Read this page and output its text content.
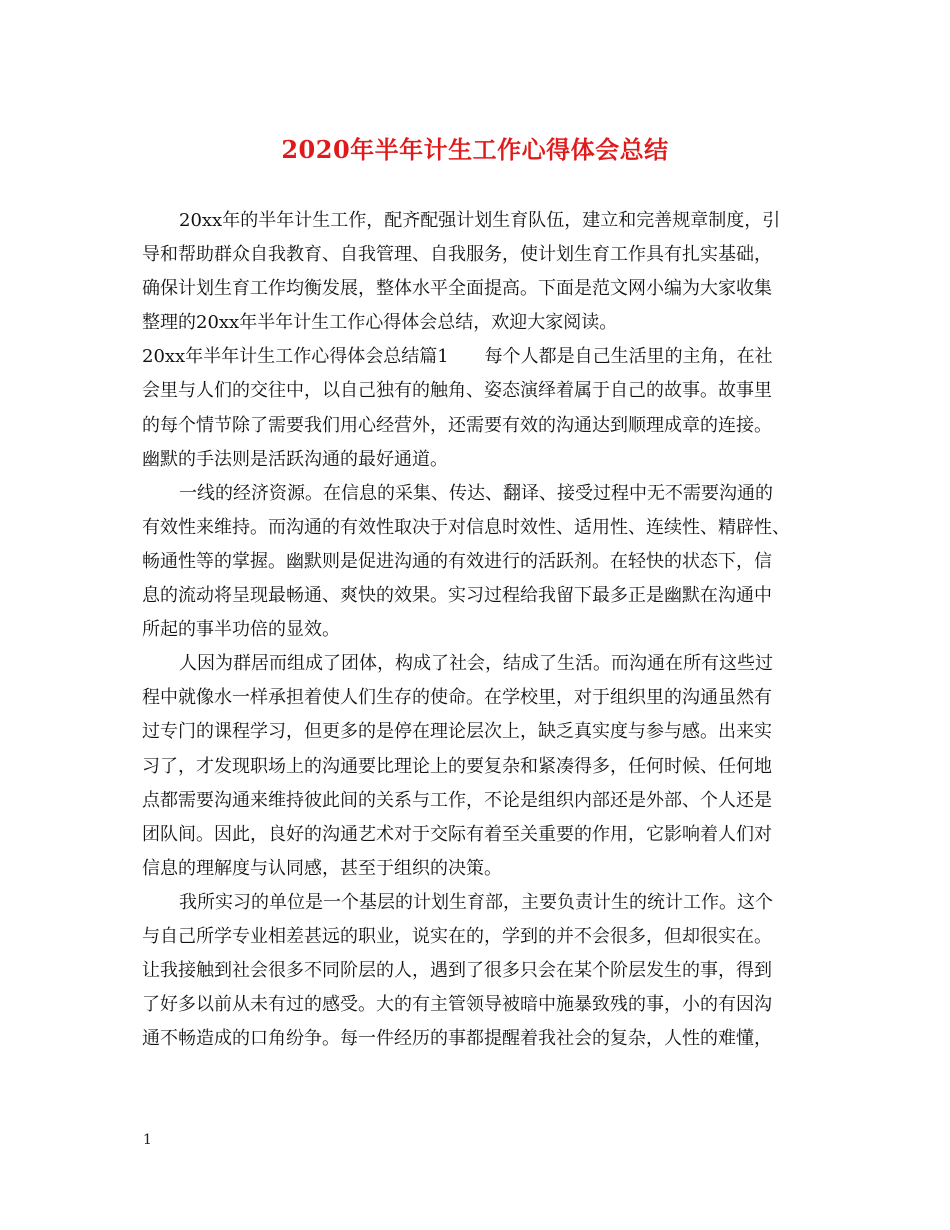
2020年半年计生工作心得体会总结
20xx年的半年计生工作，配齐配强计划生育队伍，建立和完善规章制度，引
导和帮助群众自我教育、自我管理、自我服务，使计划生育工作具有扎实基础，
确保计划生育工作均衡发展，整体水平全面提高。下面是范文网小编为大家收集
整理的20xx年半年计生工作心得体会总结，欢迎大家阅读。
20xx年半年计生工作心得体会总结篇1　　每个人都是自己生活里的主角，在社
会里与人们的交往中，以自己独有的触角、姿态演绎着属于自己的故事。故事里
的每个情节除了需要我们用心经营外，还需要有效的沟通达到顺理成章的连接。
幽默的手法则是活跃沟通的最好通道。
一线的经济资源。在信息的采集、传达、翻译、接受过程中无不需要沟通的
有效性来维持。而沟通的有效性取决于对信息时效性、适用性、连续性、精辟性、
畅通性等的掌握。幽默则是促进沟通的有效进行的活跃剂。在轻快的状态下，信
息的流动将呈现最畅通、爽快的效果。实习过程给我留下最多正是幽默在沟通中
所起的事半功倍的显效。
人因为群居而组成了团体，构成了社会，结成了生活。而沟通在所有这些过
程中就像水一样承担着使人们生存的使命。在学校里，对于组织里的沟通虽然有
过专门的课程学习，但更多的是停在理论层次上，缺乏真实度与参与感。出来实
习了，才发现职场上的沟通要比理论上的要复杂和紧凑得多，任何时候、任何地
点都需要沟通来维持彼此间的关系与工作，不论是组织内部还是外部、个人还是
团队间。因此，良好的沟通艺术对于交际有着至关重要的作用，它影响着人们对
信息的理解度与认同感，甚至于组织的决策。
我所实习的单位是一个基层的计划生育部，主要负责计生的统计工作。这个
与自己所学专业相差甚远的职业，说实在的，学到的并不会很多，但却很实在。
让我接触到社会很多不同阶层的人，遇到了很多只会在某个阶层发生的事，得到
了好多以前从未有过的感受。大的有主管领导被暗中施暴致残的事，小的有因沟
通不畅造成的口角纷争。每一件经历的事都提醒着我社会的复杂，人性的难懂，
1
